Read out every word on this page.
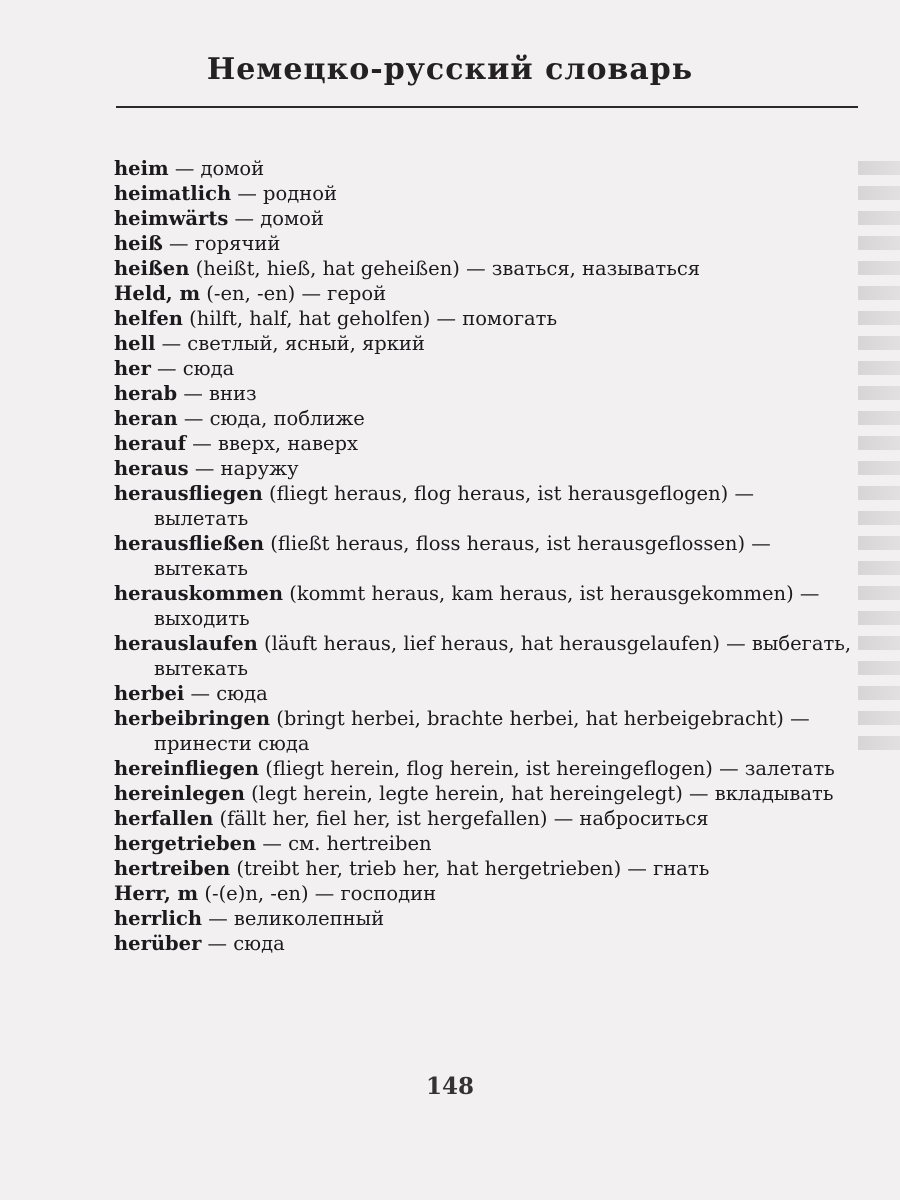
Немецко-русский словарь

heim — домой

heimatlich — родной

heimwärts — домой

heiß — горячий

heißen (heißt, hieß, hat geheißen) — зваться, называться

Held, m (-en, -en) — герой

helfen (hilft, half, hat geholfen) — помогать

hell — светлый, ясный, яркий

her — сюда

herab — вниз

heran — сюда, поближе

herauf — вверх, наверх

heraus — наружу

herausfliegen (fliegt heraus, flog heraus, ist herausgeflogen) — вылетать

herausfließen (fließt heraus, floss heraus, ist herausgeflossen) — вытекать

herauskommen (kommt heraus, kam heraus, ist herausgekommen) — выходить

herauslaufen (läuft heraus, lief heraus, hat herausgelaufen) — выбегать, вытекать

herbei — сюда

herbeibringen (bringt herbei, brachte herbei, hat herbeigebracht) — принести сюда

hereinfliegen (fliegt herein, flog herein, ist hereingeflogen) — залетать

hereinlegen (legt herein, legte herein, hat hereingelegt) — вкладывать

herfallen (fällt her, fiel her, ist hergefallen) — наброситься

hergetrieben — см. hertreiben

hertreiben (treibt her, trieb her, hat hergetrieben) — гнать

Herr, m (-(e)n, -en) — господин

herrlich — великолепный

herüber — сюда

148
